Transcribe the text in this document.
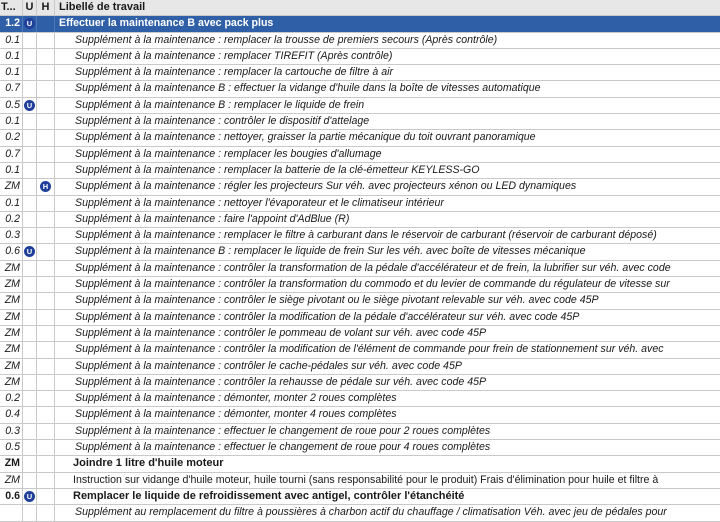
T... U H Libellé de travail
1.2 U	Effectuer la maintenance B avec pack plus
0.1	Supplément à la maintenance : remplacer la trousse de premiers secours (Après contrôle)
0.1	Supplément à la maintenance : remplacer TIREFIT (Après contrôle)
0.1	Supplément à la maintenance : remplacer la cartouche de filtre à air
0.7	Supplément à la maintenance B : effectuer la vidange d'huile dans la boîte de vitesses automatique
0.5 U	Supplément à la maintenance B : remplacer le liquide de frein
0.1	Supplément à la maintenance : contrôler le dispositif d'attelage
0.2	Supplément à la maintenance : nettoyer, graisser la partie mécanique du toit ouvrant panoramique
0.7	Supplément à la maintenance : remplacer les bougies d'allumage
0.1	Supplément à la maintenance : remplacer la batterie de la clé-émetteur KEYLESS-GO
ZM	H	Supplément à la maintenance : régler les projecteurs Sur véh. avec projecteurs xénon ou LED dynamiques
0.1	Supplément à la maintenance : nettoyer l'évaporateur et le climatiseur intérieur
0.2	Supplément à la maintenance : faire l'appoint d'AdBlue (R)
0.3	Supplément à la maintenance : remplacer le filtre à carburant dans le réservoir de carburant (réservoir de carburant déposé)
0.6 U	Supplément à la maintenance B : remplacer le liquide de frein Sur les véh. avec boîte de vitesses mécanique
ZM	Supplément à la maintenance : contrôler la transformation de la pédale d'accélérateur et de frein, la lubrifier sur véh. avec code
ZM	Supplément à la maintenance : contrôler la transformation du commodo et du levier de commande du régulateur de vitesse sur
ZM	Supplément à la maintenance : contrôler le siège pivotant ou le siège pivotant relevable sur véh. avec code 45P
ZM	Supplément à la maintenance : contrôler la modification de la pédale d'accélérateur sur véh. avec code 45P
ZM	Supplément à la maintenance : contrôler le pommeau de volant sur véh. avec code 45P
ZM	Supplément à la maintenance : contrôler la modification de l'élément de commande pour frein de stationnement sur véh. avec
ZM	Supplément à la maintenance : contrôler le cache-pédales sur véh. avec code 45P
ZM	Supplément à la maintenance : contrôler la rehausse de pédale sur véh. avec code 45P
0.2	Supplément à la maintenance : démonter, monter 2 roues complètes
0.4	Supplément à la maintenance : démonter, monter 4 roues complètes
0.3	Supplément à la maintenance : effectuer le changement de roue pour 2 roues complètes
0.5	Supplément à la maintenance : effectuer le changement de roue pour 4 roues complètes
ZM	Joindre 1 litre d'huile moteur
ZM	Instruction sur vidange d'huile moteur, huile tourni (sans responsabilité pour le produit) Frais d'élimination pour huile et filtre à
0.6 U	Remplacer le liquide de refroidissement avec antigel, contrôler l'étanchéité
Supplément au remplacement du filtre à poussières à charbon actif du chauffage / climatisation Véh. avec jeu de pédales pour
